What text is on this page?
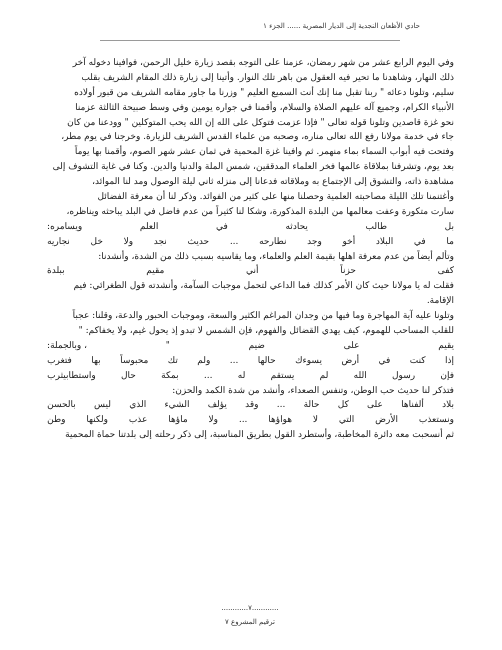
حادي الأظعان النجدية إلى الديار المصرية ...... الجزء ١
وفي اليوم الرابع عشر من شهر رمضان، عزمنا على التوجه بقصد زيارة خليل الرحمن، فوافينا دخوله آخر
ذلك النهار، وشاهدنا ما تحير فيه العقول من باهر تلك النوار. وأتينا إلى زيارة ذلك المقام الشريف بقلب
سليم، وتلونا دعائه " ربنا تقبل منا إنك أنت السميع العليم " وزرنا ما جاور مقامه الشريف من قبور أولاده
الأنبياء الكرام، وجميع آله عليهم الصلاة والسلام، وأقمنا في جواره يومين وفي وسط صبيحة الثالثة عزمنا
نحو غزة قاصدين وتلونا قوله تعالى " فإذا عزمت فتوكل على الله إن الله يحب المتوكلين " وودعنا من كان
جاء في خدمة مولانا رفع الله تعالى مناره، وصحبه من علماء القدس الشريف للزيارة. وخرجنا في يوم مطر،
وفتحت فيه أبواب السماء بماء منهمر. ثم وافينا غزة المحمية في ثمان عشر شهر الصوم، وأقمنا بها يوماً
بعد يوم، وتشرفنا بملاقاة عالمها فخر العلماء المدققين، شمس الملة والدنيا والدين. وكنا في غاية التشوف إلى
مشاهدة ذاته، والتشوق إلى الإجتماع به وملاقاته فدعانا إلى منزله ثاني ليلة الوصول ومد لنا الموائد،
وأغتنمنا تلك الليلة مصاحبته العلمية وحصلنا منها على كثير من الفوائد. وذكر لنا أن معرفة الفضائل
سارت متكورة وعفت معالمها من البلدة المذكورة، وشكا لنا كثيراً من عدم فاضل في البلد يباحثه ويناظره،
بل
طالب
يحادثه
في
العلم
ويسامره:
ما
في
البلاد
أخو
وجد
نطارحه
...
حديث
نجد
ولا
خل
نجاريه
وتألم أيضاً من عدم معرفة اهلها بقيمة العلم والعلماء، وما يقاسيه بسبب ذلك من الشدة، وأنشدنا:
كفى
حزناً
أني
مقيم
ببلدة
فقلت له يا مولانا حيث كان الأمر كذلك فما الداعي لتحمل موجبات السآمة، وأنشدته قول الطغرائي: فيم
الإقامة.
وتلونا عليه آية المهاجرة وما فيها من وجدان المراغم الكثير والسعة، وموجبات الحبور والدعة، وقلنا: عجباً
للقلب المساحب للهموم، كيف يهدي القضائل والفهوم، فإن الشمس لا تبدو إذ يحول غيم، ولا يخفاكم: "
يقيم
على
ضيم
"
، وبالجملة:
إذا
كنت
في
أرض
يسوءك
حالها
...
ولم
تك
محبوساً
بها
فتغرب
فإن
رسول
الله
لم
يستقم
له
...
بمكة
حال
واستطابيثرب
فتذكر لنا حديث حب الوطن، وتنفس الصعداء، وأنشد من شدة الكمد والحزن:
بلاد
ألفناها
على
كل
حالة
...
وقد
يؤلف
الشيء
الذي
ليس
بالحسن
ونستعذب
الأرض
التي
لا
هواؤها
...
ولا
ماؤها
عذب
ولكنها
وطن
ثم أنسحبت معه دائرة المخاطبة، وأستطرد القول بطريق المناسبة، إلى ذكر رحلته إلى بلدتنا حماة المحمية
............٧............
ترقيم المشروع ٧
